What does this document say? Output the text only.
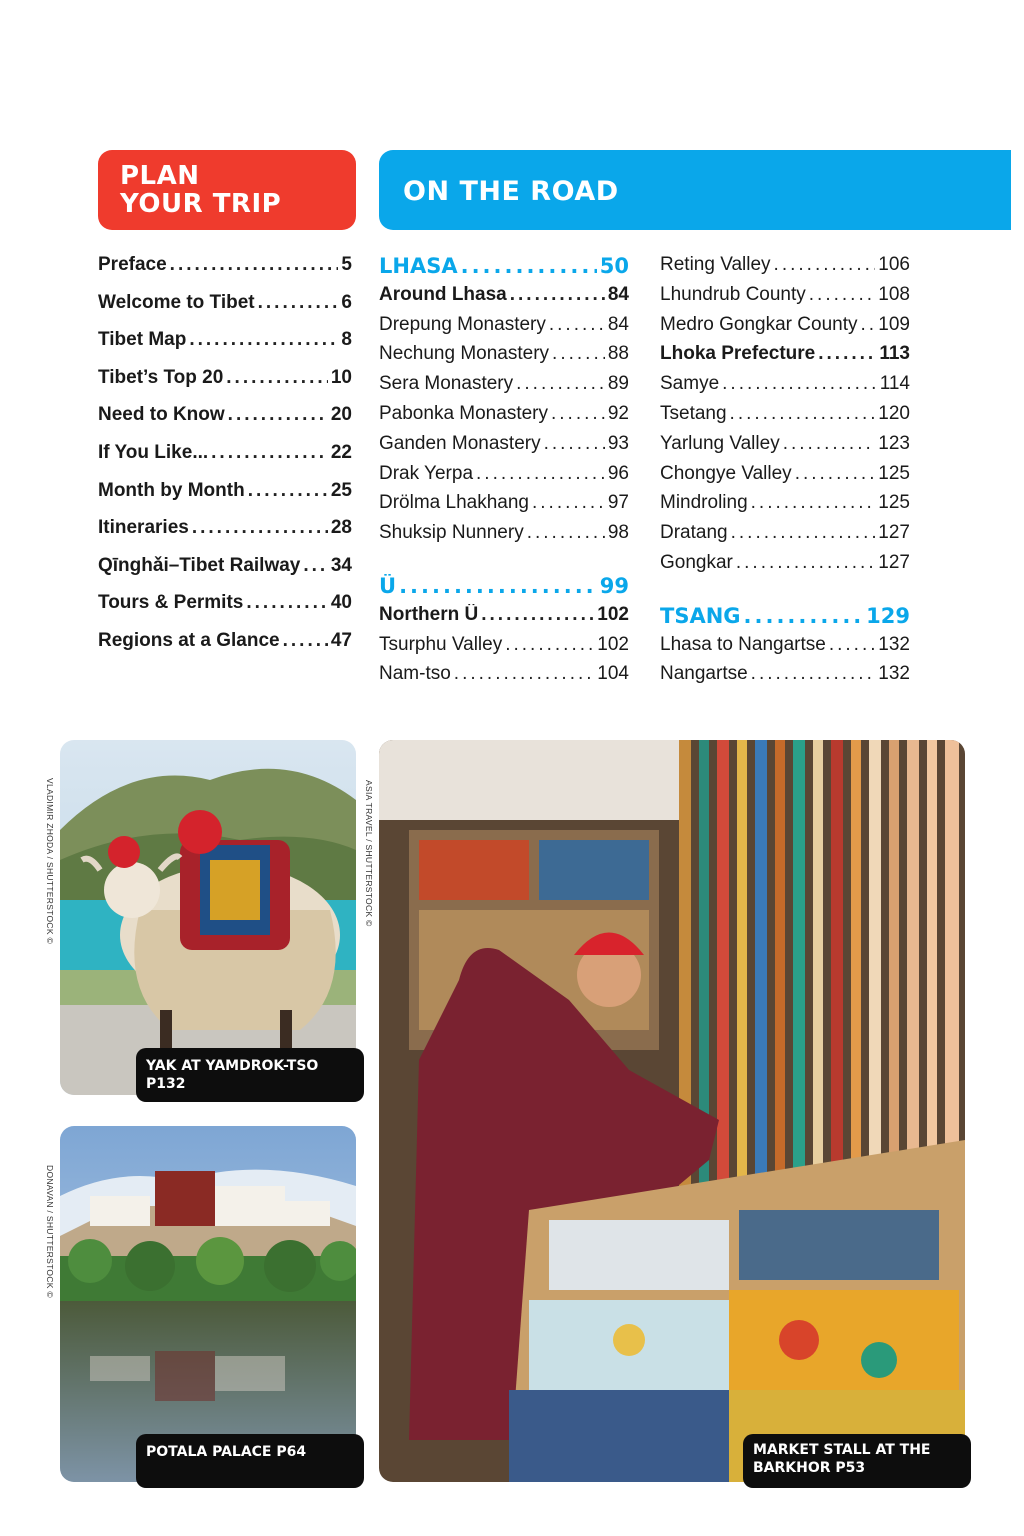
PLAN
YOUR TRIP	ON THE ROAD
Preface .....	5
Welcome to Tibet .....	6
Tibet Map .....	8
Tibet’s Top 20 .....	10
Need to Know .....	20
If You Like... .....	22
Month by Month .....	25
Itineraries .....	28
Qīnghǎi–Tibet Railway ..... 34
Tours & Permits .....	40
Regions at a Glance .....	47
LHASA .....	50
Around Lhasa .....	84
Drepung Monastery .....	84
Nechung Monastery .....	88
Sera Monastery .....	89
Pabonka Monastery .....	92
Ganden Monastery .....	93
Drak Yerpa .....	96
Drölma Lhakhang .....	97
Shuksip Nunnery .....	98
Ü .....	99
Northern Ü .....	102
Tsurphu Valley .....	102
Nam-tso .....	104
Reting Valley .....	106
Lhundrub County .....	108
Medro Gongkar County ..... 109
Lhoka Prefecture .....	113
Samye .....	114
Tsetang .....	120
Yarlung Valley .....	123
Chongye Valley .....	125
Mindroling .....	125
Dratang .....	127
Gongkar .....	127
TSANG .....	129
Lhasa to Nangartse .....	132
Nangartse .....	132
VLADIMIR ZHODA / SHUTTERSTOCK ©
YAK AT YAMDROK-TSO P132
DONAVAN / SHUTTERSTOCK ©
POTALA PALACE P64
ASIA TRAVEL / SHUTTERSTOCK ©
MARKET STALL AT THE
BARKHOR P53
